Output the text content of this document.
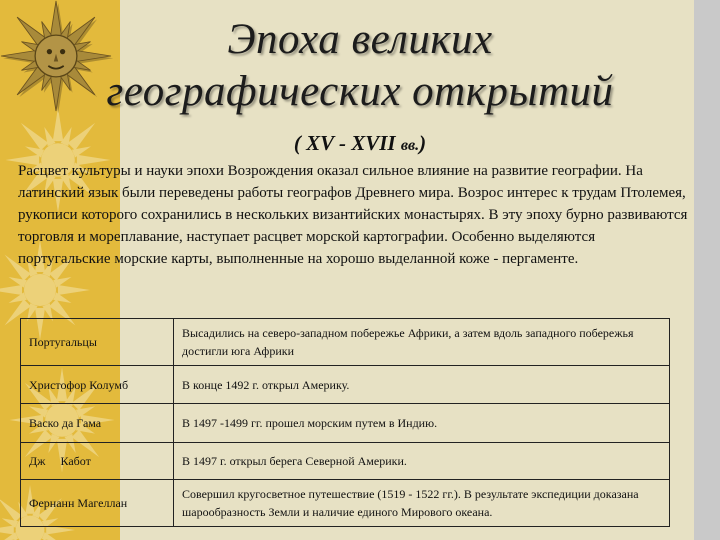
Эпоха великих
географических открытий
( XV - XVII вв.)
Расцвет культуры и науки эпохи Возрождения оказал сильное влияние на развитие географии. На латинский язык были переведены работы географов Древнего мира. Возрос интерес к трудам Птолемея, рукописи которого сохранились в нескольких византийских монастырях. В эту эпоху бурно развиваются торговля и мореплавание, наступает расцвет морской картографии. Особенно выделяются португальские морские карты, выполненные на хорошо выделанной коже - пергаменте.
Португальцы	Высадились на северо-западном побережье Африки, а затем вдоль западного побережья достигли юга Африки
Христофор Колумб	В конце 1492 г. открыл Америку.
Васко да Гама	В 1497 -1499 гг. прошел морским путем в Индию.
Дж     Кабот	В 1497 г. открыл берега Северной Америки.
Фернанн Магеллан	Совершил кругосветное путешествие (1519 - 1522 гг.). В результате экспедиции доказана шарообразность Земли и наличие единого Мирового океана.
